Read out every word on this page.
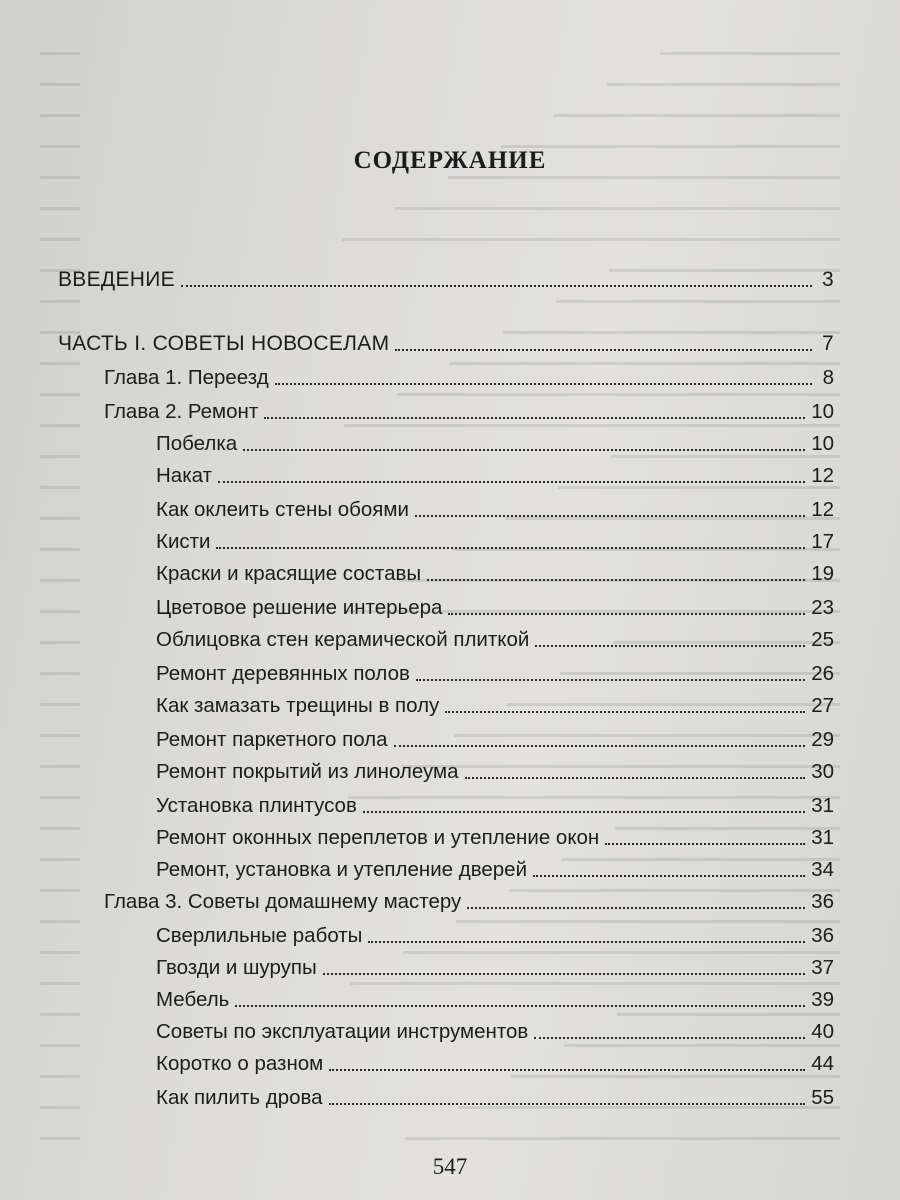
СОДЕРЖАНИЕ
ВВЕДЕНИЕ	3
ЧАСТЬ I. СОВЕТЫ НОВОСЕЛАМ	7
Глава 1. Переезд	8
Глава 2. Ремонт	10
Побелка	10
Накат	12
Как оклеить стены обоями	12
Кисти	17
Краски и красящие составы	19
Цветовое решение интерьера	23
Облицовка стен керамической плиткой	25
Ремонт деревянных полов	26
Как замазать трещины в полу	27
Ремонт паркетного пола	29
Ремонт покрытий из линолеума	30
Установка плинтусов	31
Ремонт оконных переплетов и утепление окон	31
Ремонт, установка и утепление дверей	34
Глава 3. Советы домашнему мастеру	36
Сверлильные работы	36
Гвозди и шурупы	37
Мебель	39
Советы по эксплуатации инструментов	40
Коротко о разном	44
Как пилить дрова	55
547
